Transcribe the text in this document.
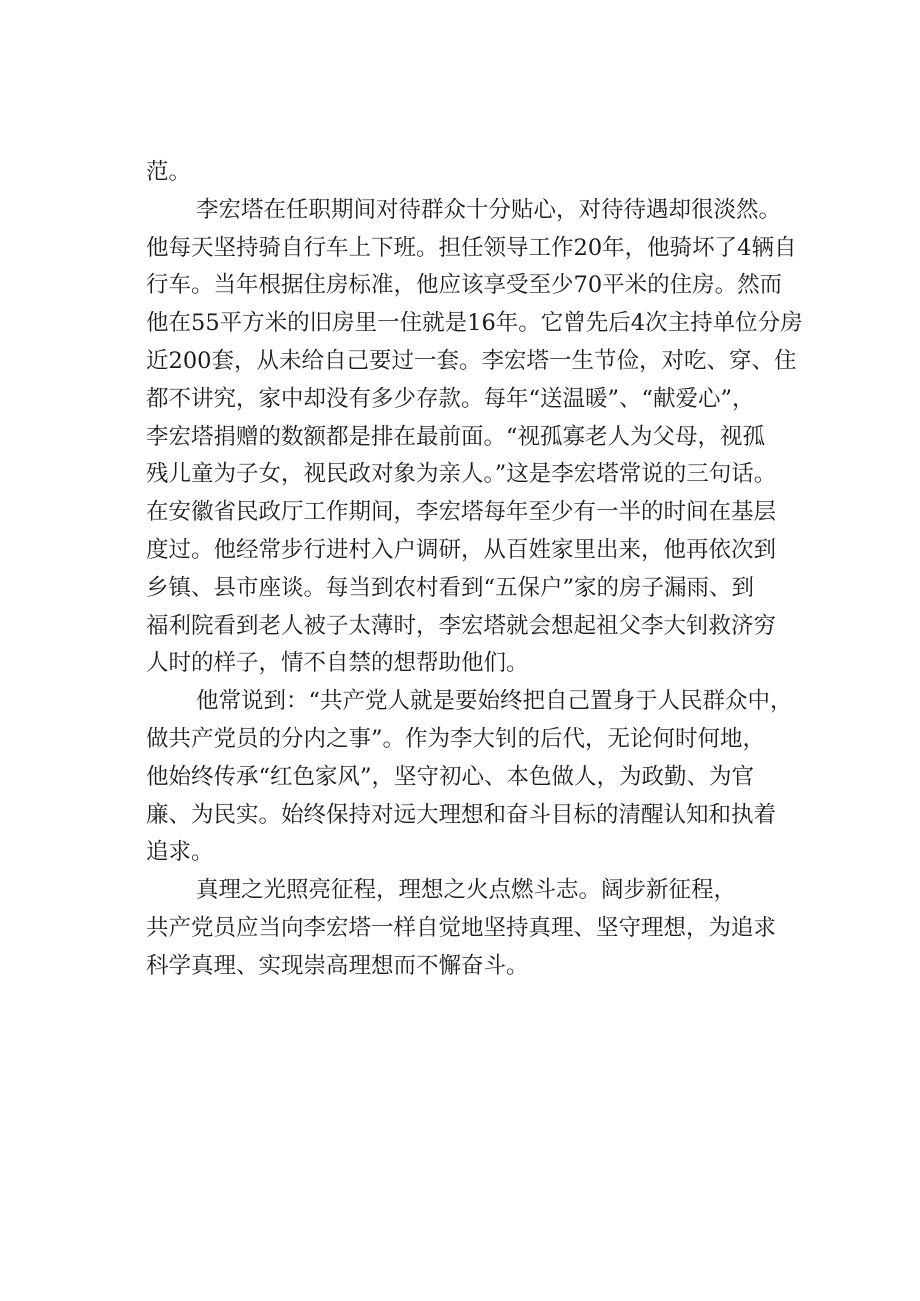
范。
李宏塔在任职期间对待群众十分贴心，对待待遇却很淡然。
他每天坚持骑自行车上下班。担任领导工作20年，他骑坏了4辆自
行车。当年根据住房标准，他应该享受至少70平米的住房。然而
他在55平方米的旧房里一住就是16年。它曾先后4次主持单位分房
近200套，从未给自己要过一套。李宏塔一生节俭，对吃、穿、住
都不讲究，家中却没有多少存款。每年“送温暖”、“献爱心”，
李宏塔捐赠的数额都是排在最前面。“视孤寡老人为父母，视孤
残儿童为子女，视民政对象为亲人。”这是李宏塔常说的三句话。
在安徽省民政厅工作期间，李宏塔每年至少有一半的时间在基层
度过。他经常步行进村入户调研，从百姓家里出来，他再依次到
乡镇、县市座谈。每当到农村看到“五保户”家的房子漏雨、到
福利院看到老人被子太薄时，李宏塔就会想起祖父李大钊救济穷
人时的样子，情不自禁的想帮助他们。
他常说到：“共产党人就是要始终把自己置身于人民群众中，
做共产党员的分内之事”。作为李大钊的后代，无论何时何地，
他始终传承“红色家风”，坚守初心、本色做人，为政勤、为官
廉、为民实。始终保持对远大理想和奋斗目标的清醒认知和执着
追求。
真理之光照亮征程，理想之火点燃斗志。阔步新征程，
共产党员应当向李宏塔一样自觉地坚持真理、坚守理想，为追求
科学真理、实现崇高理想而不懈奋斗。
